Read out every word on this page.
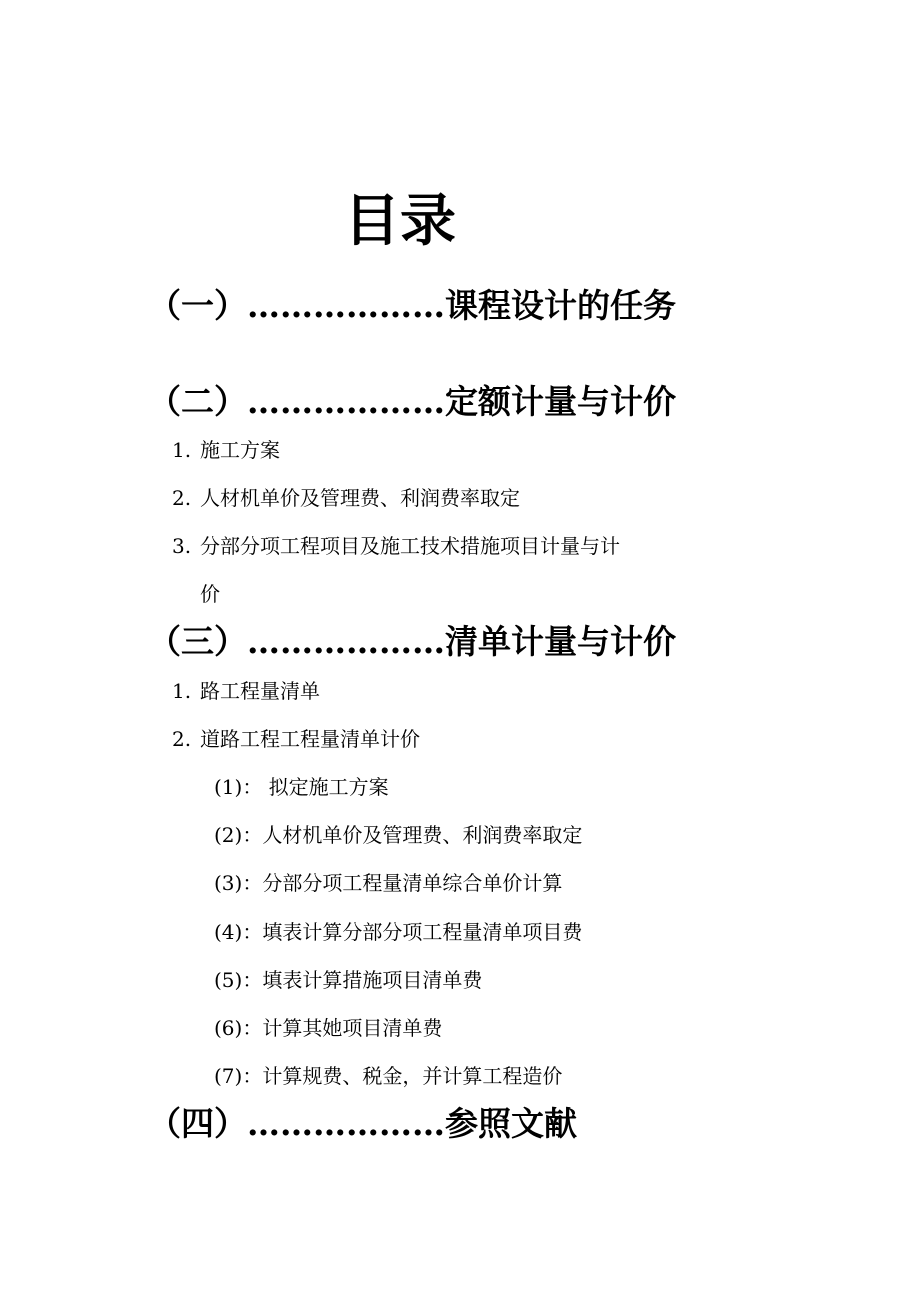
目录
（一）………………课程设计的任务
（二）………………定额计量与计价
1. 施工方案
2. 人材机单价及管理费、利润费率取定
3. 分部分项工程项目及施工技术措施项目计量与计
价
（三）………………清单计量与计价
1. 路工程量清单
2. 道路工程工程量清单计价
(1)： 拟定施工方案
(2)：人材机单价及管理费、利润费率取定
(3)：分部分项工程量清单综合单价计算
(4)：填表计算分部分项工程量清单项目费
(5)：填表计算措施项目清单费
(6)：计算其她项目清单费
(7)：计算规费、税金，并计算工程造价
（四）………………参照文献
